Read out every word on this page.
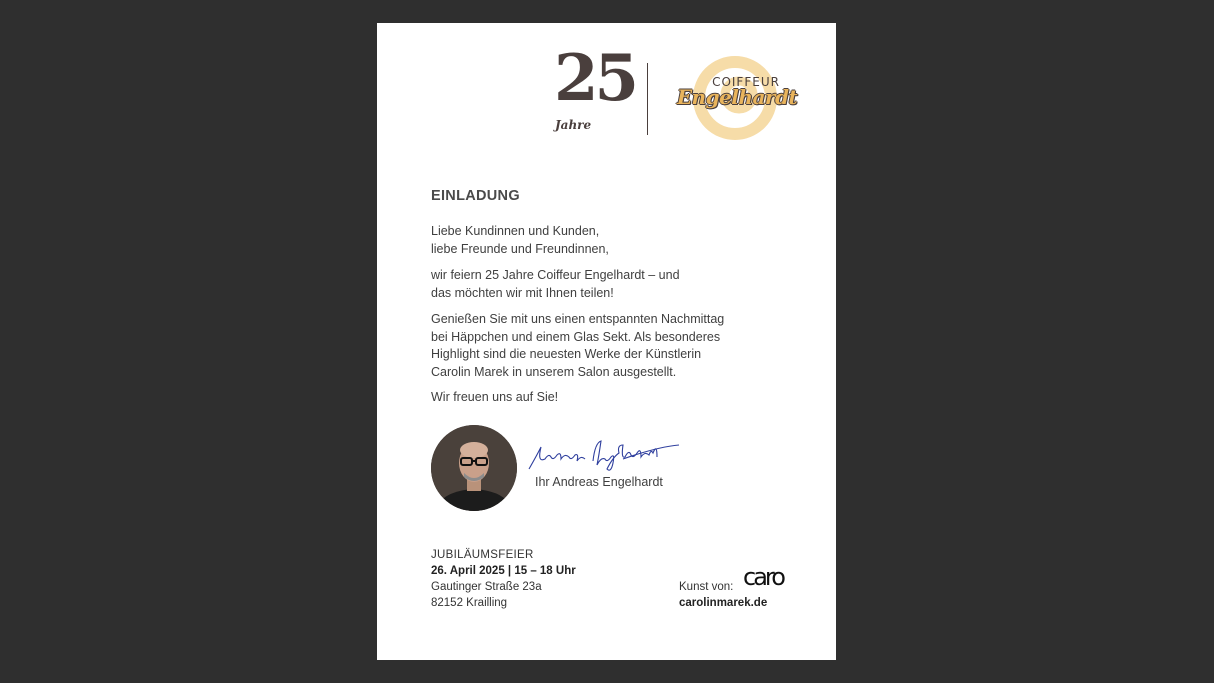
25
Jahre
COIFFEUR
Engelhardt
EINLADUNG
Liebe Kundinnen und Kunden,
liebe Freunde und Freundinnen,
wir feiern 25 Jahre Coiffeur Engelhardt – und
das möchten wir mit Ihnen teilen!
Genießen Sie mit uns einen entspannten Nachmittag
bei Häppchen und einem Glas Sekt. Als besonderes
Highlight sind die neuesten Werke der Künstlerin
Carolin Marek in unserem Salon ausgestellt.
Wir freuen uns auf Sie!
Andreas Engelhardt
Ihr Andreas Engelhardt
JUBILÄUMSFEIER
26. April 2025 | 15 – 18 Uhr
Gautinger Straße 23a
82152 Krailling
Kunst von: caro
carolinmarek.de
